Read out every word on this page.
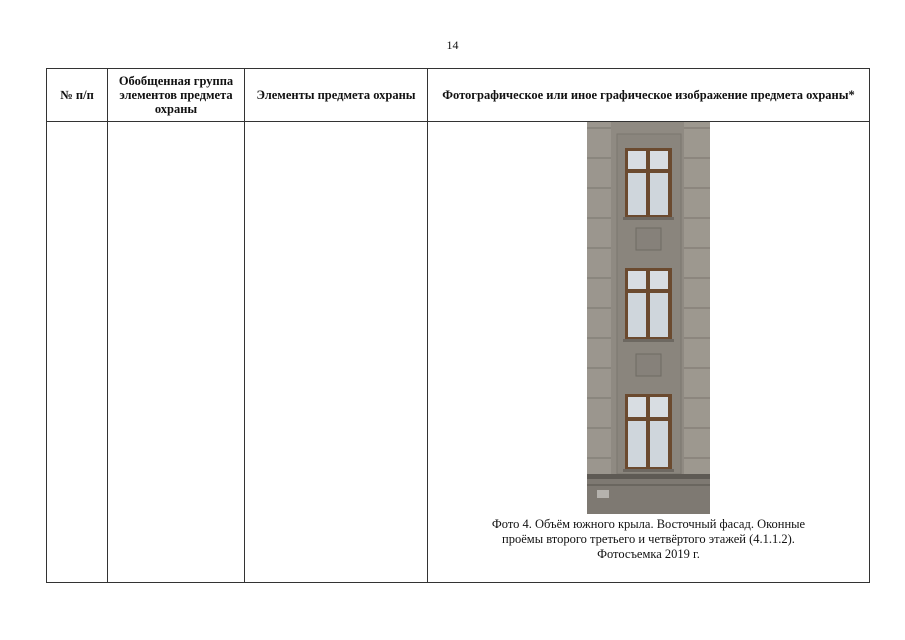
14
№ п/п	Обобщенная группа элементов предмета охраны	Элементы предмета охраны	Фотографическое или иное графическое изображение предмета охраны*

			Фото 4. Объём южного крыла. Восточный фасад. Оконные
проёмы второго третьего и четвёртого этажей (4.1.1.2).
Фотосъемка 2019 г.
